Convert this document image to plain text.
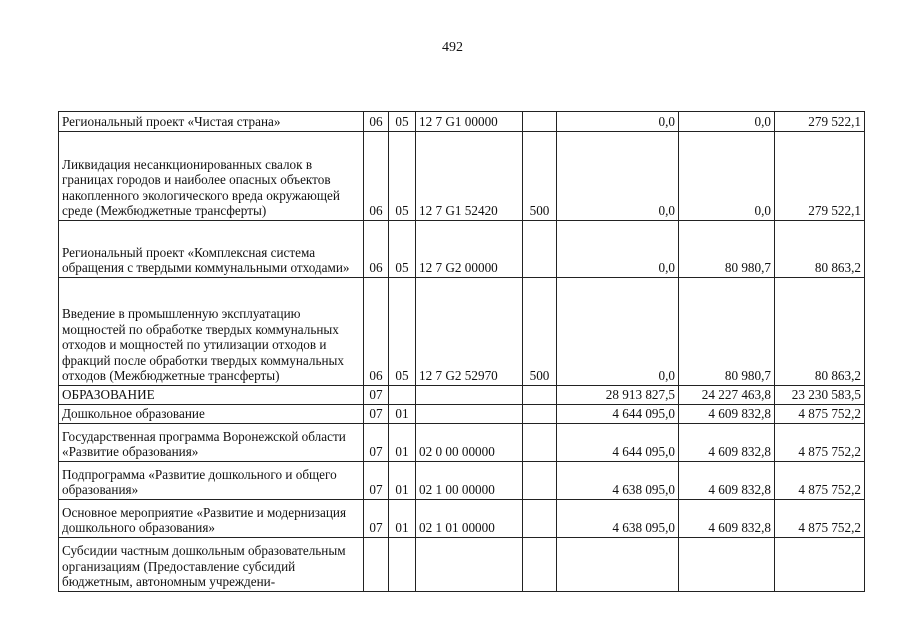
492
Региональный проект «Чистая страна»	06	05	12 7 G1 00000		0,0	0,0	279 522,1
Ликвидация несанкционированных свалок в границах городов и наиболее опасных объектов накопленного экологического вреда окружающей среде (Межбюджетные трансферты)	06	05	12 7 G1 52420	500	0,0	0,0	279 522,1
Региональный проект «Комплексная система обращения с твердыми коммунальными отходами»	06	05	12 7 G2 00000		0,0	80 980,7	80 863,2
Введение в промышленную эксплуатацию мощностей по обработке твердых коммунальных отходов и мощностей по утилизации отходов и фракций после обработки твердых коммунальных отходов (Межбюджетные трансферты)	06	05	12 7 G2 52970	500	0,0	80 980,7	80 863,2
ОБРАЗОВАНИЕ	07				28 913 827,5	24 227 463,8	23 230 583,5
Дошкольное образование	07	01			4 644 095,0	4 609 832,8	4 875 752,2
Государственная программа Воронежской области «Развитие образования»	07	01	02 0 00 00000		4 644 095,0	4 609 832,8	4 875 752,2
Подпрограмма «Развитие дошкольного и общего образования»	07	01	02 1 00 00000		4 638 095,0	4 609 832,8	4 875 752,2
Основное мероприятие «Развитие и модернизация дошкольного образования»	07	01	02 1 01 00000		4 638 095,0	4 609 832,8	4 875 752,2
Субсидии частным дошкольным образовательным организациям (Предоставление субсидий бюджетным, автономным учреждени-							
